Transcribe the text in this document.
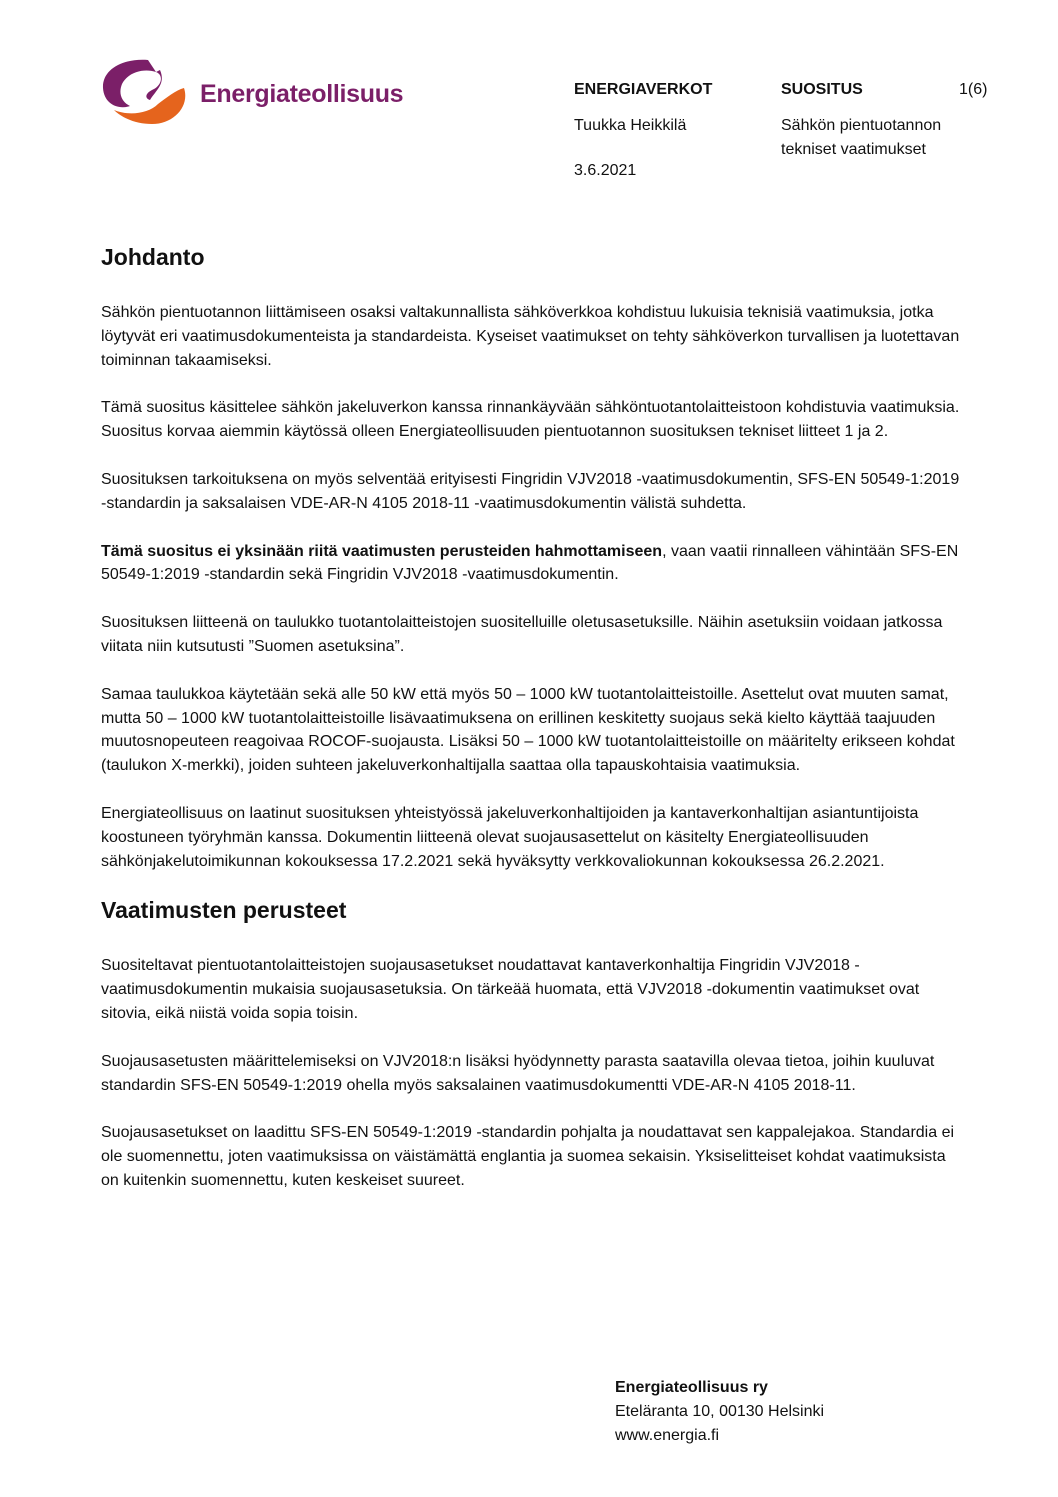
Energiateollisuus	ENERGIAVERKOT
Tuukka Heikkilä
3.6.2021
SUOSITUS	1(6)
Sähkön pientuotannon
tekniset vaatimukset
Johdanto

Sähkön pientuotannon liittämiseen osaksi valtakunnallista sähköverkkoa kohdistuu lukuisia teknisiä vaatimuksia, jotka löytyvät eri vaatimusdokumenteista ja standardeista. Kyseiset vaatimukset on tehty sähköverkon turvallisen ja luotettavan toiminnan takaamiseksi.

Tämä suositus käsittelee sähkön jakeluverkon kanssa rinnankäyvään sähköntuotantolaitteistoon kohdistuvia vaatimuksia. Suositus korvaa aiemmin käytössä olleen Energiateollisuuden pientuotannon suosituksen tekniset liitteet 1 ja 2.

Suosituksen tarkoituksena on myös selventää erityisesti Fingridin VJV2018 -vaatimusdokumentin, SFS-EN 50549-1:2019 -standardin ja saksalaisen VDE-AR-N 4105 2018-11 -vaatimusdokumentin välistä suhdetta.

Tämä suositus ei yksinään riitä vaatimusten perusteiden hahmottamiseen, vaan vaatii rinnalleen vähintään SFS-EN 50549-1:2019 -standardin sekä Fingridin VJV2018 -vaatimusdokumentin.

Suosituksen liitteenä on taulukko tuotantolaitteistojen suositelluille oletusasetuksille. Näihin asetuksiin voidaan jatkossa viitata niin kutsutusti ”Suomen asetuksina”.

Samaa taulukkoa käytetään sekä alle 50 kW että myös 50 – 1000 kW tuotantolaitteistoille. Asettelut ovat muuten samat, mutta 50 – 1000 kW tuotantolaitteistoille lisävaatimuksena on erillinen keskitetty suojaus sekä kielto käyttää taajuuden muutosnopeuteen reagoivaa ROCOF-suojausta. Lisäksi 50 – 1000 kW tuotantolaitteistoille on määritelty erikseen kohdat (taulukon X-merkki), joiden suhteen jakeluverkonhaltijalla saattaa olla tapauskohtaisia vaatimuksia.

Energiateollisuus on laatinut suosituksen yhteistyössä jakeluverkonhaltijoiden ja kantaverkonhaltijan asiantuntijoista koostuneen työryhmän kanssa. Dokumentin liitteenä olevat suojausasettelut on käsitelty Energiateollisuuden sähkönjakelutoimikunnan kokouksessa 17.2.2021 sekä hyväksytty verkkovaliokunnan kokouksessa 26.2.2021.

Vaatimusten perusteet

Suositeltavat pientuotantolaitteistojen suojausasetukset noudattavat kantaverkonhaltija Fingridin VJV2018 -vaatimusdokumentin mukaisia suojausasetuksia. On tärkeää huomata, että VJV2018 -dokumentin vaatimukset ovat sitovia, eikä niistä voida sopia toisin.

Suojausasetusten määrittelemiseksi on VJV2018:n lisäksi hyödynnetty parasta saatavilla olevaa tietoa, joihin kuuluvat standardin SFS-EN 50549-1:2019 ohella myös saksalainen vaatimusdokumentti VDE-AR-N 4105 2018-11.

Suojausasetukset on laadittu SFS-EN 50549-1:2019 -standardin pohjalta ja noudattavat sen kappalejakoa. Standardia ei ole suomennettu, joten vaatimuksissa on väistämättä englantia ja suomea sekaisin. Yksiselitteiset kohdat vaatimuksista on kuitenkin suomennettu, kuten keskeiset suureet.

Energiateollisuus ry
Eteläranta 10, 00130 Helsinki
www.energia.fi
